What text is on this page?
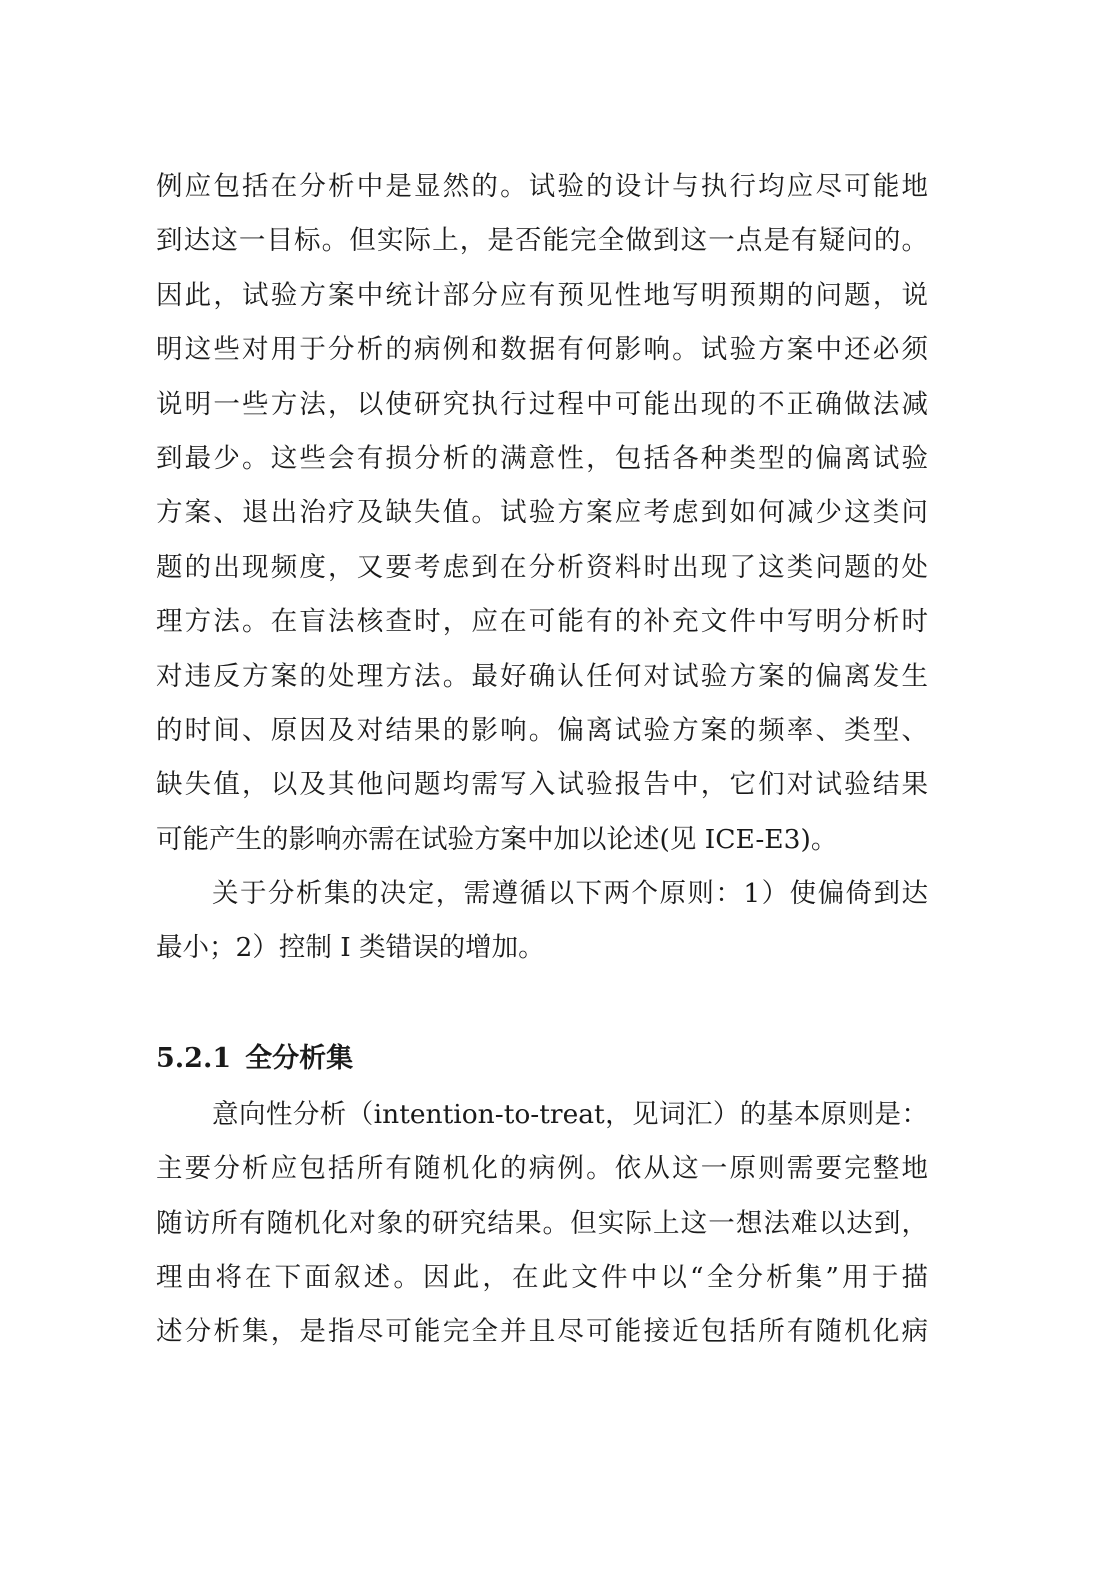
例应包括在分析中是显然的。试验的设计与执行均应尽可能地
到达这一目标。但实际上，是否能完全做到这一点是有疑问的。
因此，试验方案中统计部分应有预见性地写明预期的问题，说
明这些对用于分析的病例和数据有何影响。试验方案中还必须
说明一些方法，以使研究执行过程中可能出现的不正确做法减
到最少。这些会有损分析的满意性，包括各种类型的偏离试验
方案、退出治疗及缺失值。试验方案应考虑到如何减少这类问
题的出现频度，又要考虑到在分析资料时出现了这类问题的处
理方法。在盲法核查时，应在可能有的补充文件中写明分析时
对违反方案的处理方法。最好确认任何对试验方案的偏离发生
的时间、原因及对结果的影响。偏离试验方案的频率、类型、
缺失值，以及其他问题均需写入试验报告中，它们对试验结果
可能产生的影响亦需在试验方案中加以论述(见 ICE-E3)。
关于分析集的决定，需遵循以下两个原则：1）使偏倚到达
最小；2）控制 I 类错误的增加。
5.2.1 全分析集
意向性分析（intention-to-treat，见词汇）的基本原则是：
主要分析应包括所有随机化的病例。依从这一原则需要完整地
随访所有随机化对象的研究结果。但实际上这一想法难以达到，
理由将在下面叙述。因此，在此文件中以“全分析集”用于描
述分析集，是指尽可能完全并且尽可能接近包括所有随机化病
